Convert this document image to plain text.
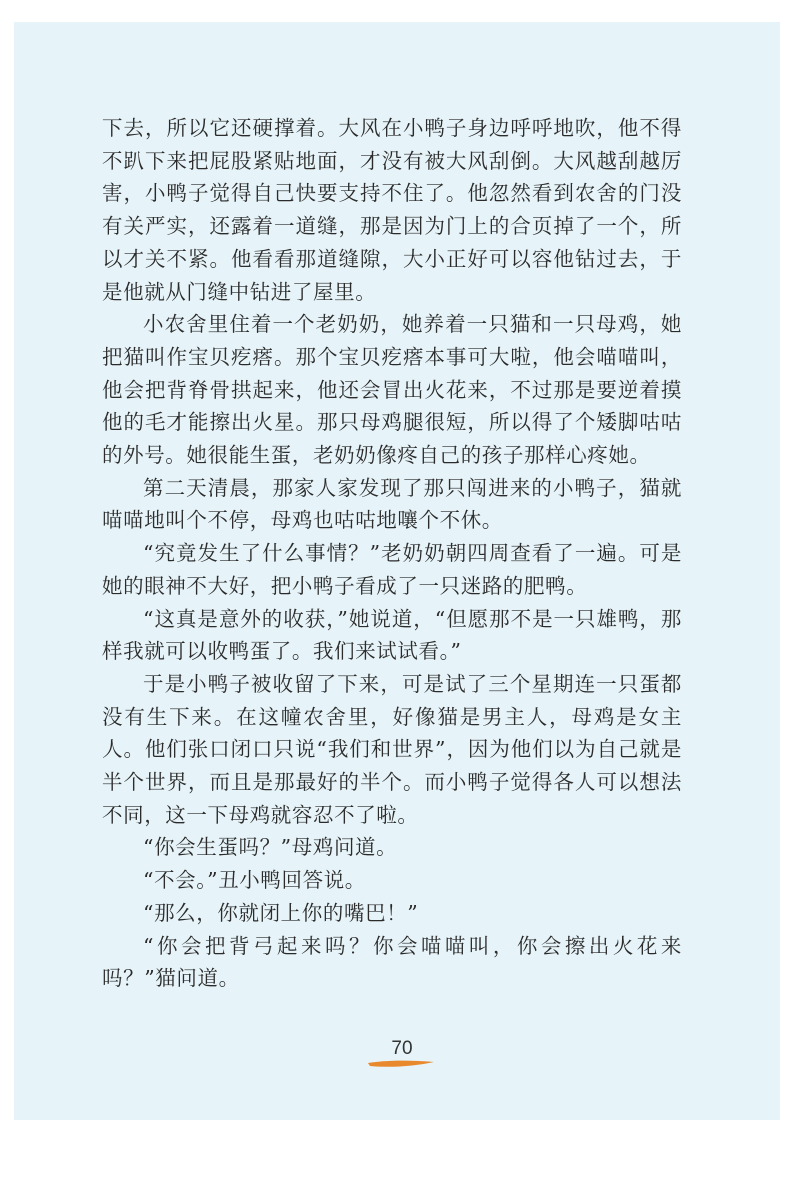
下去，所以它还硬撑着。大风在小鸭子身边呼呼地吹，他不得不趴下来把屁股紧贴地面，才没有被大风刮倒。大风越刮越厉害，小鸭子觉得自己快要支持不住了。他忽然看到农舍的门没有关严实，还露着一道缝，那是因为门上的合页掉了一个，所以才关不紧。他看看那道缝隙，大小正好可以容他钻过去，于是他就从门缝中钻进了屋里。

小农舍里住着一个老奶奶，她养着一只猫和一只母鸡，她把猫叫作宝贝疙瘩。那个宝贝疙瘩本事可大啦，他会喵喵叫，他会把背脊骨拱起来，他还会冒出火花来，不过那是要逆着摸他的毛才能擦出火星。那只母鸡腿很短，所以得了个矮脚咕咕的外号。她很能生蛋，老奶奶像疼自己的孩子那样心疼她。

第二天清晨，那家人家发现了那只闯进来的小鸭子，猫就喵喵地叫个不停，母鸡也咕咕地嚷个不休。

“究竟发生了什么事情？”老奶奶朝四周查看了一遍。可是她的眼神不大好，把小鸭子看成了一只迷路的肥鸭。

“这真是意外的收获，”她说道，“但愿那不是一只雄鸭，那样我就可以收鸭蛋了。我们来试试看。”

于是小鸭子被收留了下来，可是试了三个星期连一只蛋都没有生下来。在这幢农舍里，好像猫是男主人，母鸡是女主人。他们张口闭口只说“我们和世界”，因为他们以为自己就是半个世界，而且是那最好的半个。而小鸭子觉得各人可以想法不同，这一下母鸡就容忍不了啦。

“你会生蛋吗？”母鸡问道。

“不会。”丑小鸭回答说。

“那么，你就闭上你的嘴巴！”

“你会把背弓起来吗？你会喵喵叫，你会擦出火花来吗？”猫问道。

70
